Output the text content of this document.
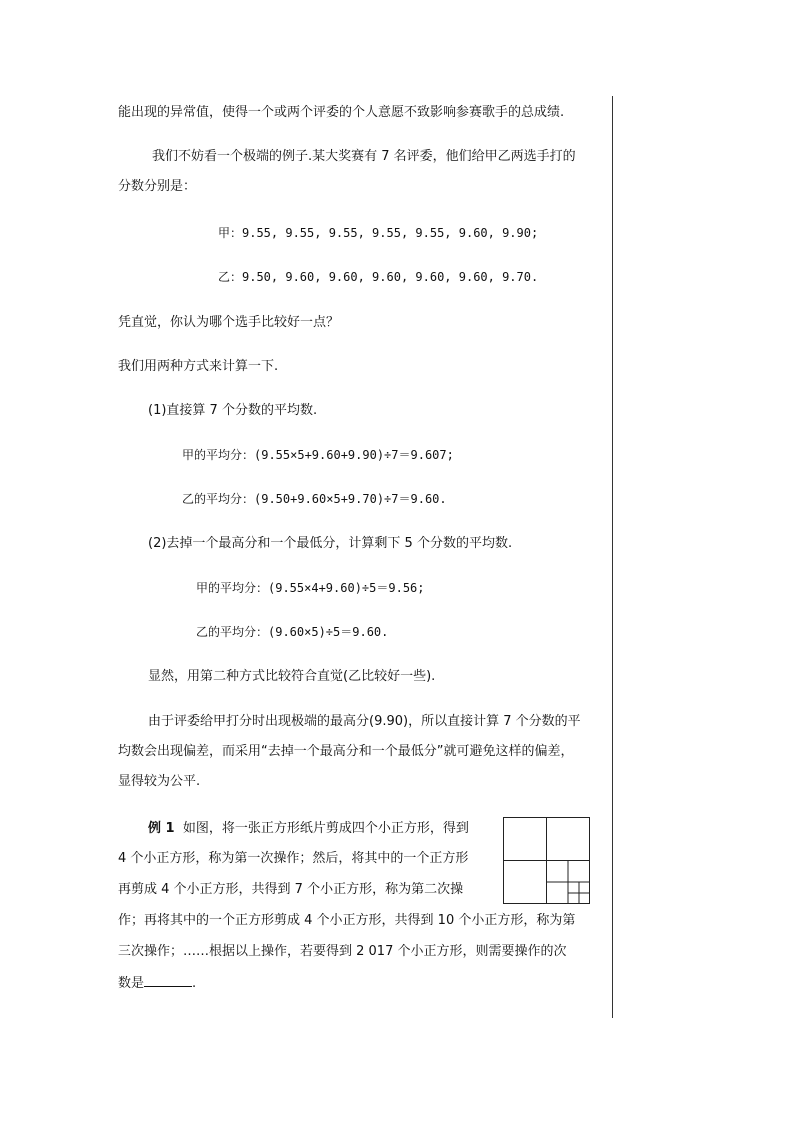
能出现的异常值，使得一个或两个评委的个人意愿不致影响参赛歌手的总成绩.
我们不妨看一个极端的例子.某大奖赛有 7 名评委，他们给甲乙两选手打的
分数分别是：
甲：9.55, 9.55, 9.55, 9.55, 9.55, 9.60, 9.90;
乙：9.50, 9.60, 9.60, 9.60, 9.60, 9.60, 9.70.
凭直觉，你认为哪个选手比较好一点？
我们用两种方式来计算一下.
(1)直接算 7 个分数的平均数.
甲的平均分：(9.55×5+9.60+9.90)÷7＝9.607;
乙的平均分：(9.50+9.60×5+9.70)÷7＝9.60.
(2)去掉一个最高分和一个最低分，计算剩下 5 个分数的平均数.
甲的平均分：(9.55×4+9.60)÷5＝9.56;
乙的平均分：(9.60×5)÷5＝9.60.
显然，用第二种方式比较符合直觉(乙比较好一些).
由于评委给甲打分时出现极端的最高分(9.90)，所以直接计算 7 个分数的平
均数会出现偏差，而采用“去掉一个最高分和一个最低分”就可避免这样的偏差，
显得较为公平.
例 1 如图，将一张正方形纸片剪成四个小正方形，得到
4 个小正方形，称为第一次操作；然后，将其中的一个正方形
再剪成 4 个小正方形，共得到 7 个小正方形，称为第二次操
作；再将其中的一个正方形剪成 4 个小正方形，共得到 10 个小正方形，称为第
三次操作；……根据以上操作，若要得到 2 017 个小正方形，则需要操作的次
数是	.
